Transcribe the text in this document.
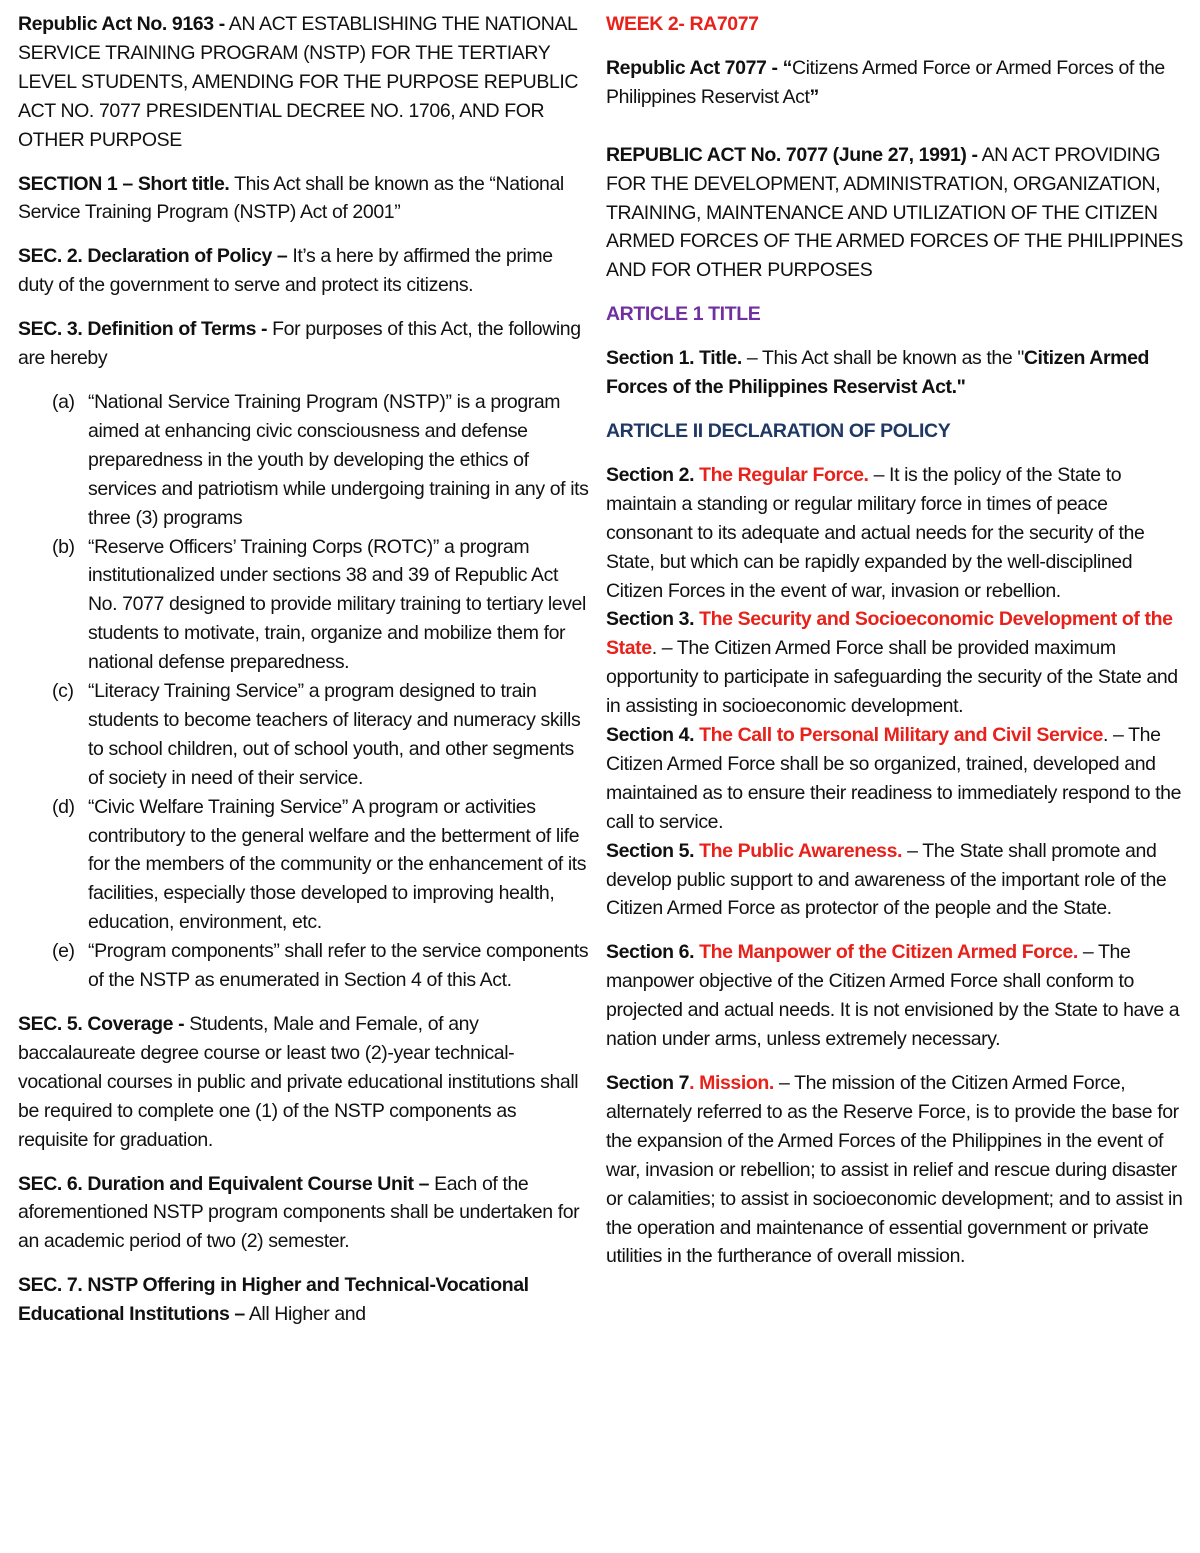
Republic Act No. 9163 - AN ACT ESTABLISHING THE NATIONAL SERVICE TRAINING PROGRAM (NSTP) FOR THE TERTIARY LEVEL STUDENTS, AMENDING FOR THE PURPOSE REPUBLIC ACT NO. 7077 PRESIDENTIAL DECREE NO. 1706, AND FOR OTHER PURPOSE

SECTION 1 – Short title. This Act shall be known as the “National Service Training Program (NSTP) Act of 2001”

SEC. 2. Declaration of Policy – It’s a here by affirmed the prime duty of the government to serve and protect its citizens.

SEC. 3. Definition of Terms - For purposes of this Act, the following are hereby

(a) “National Service Training Program (NSTP)” is a program aimed at enhancing civic consciousness and defense preparedness in the youth by developing the ethics of services and patriotism while undergoing training in any of its three (3) programs
(b) “Reserve Officers’ Training Corps (ROTC)” a program institutionalized under sections 38 and 39 of Republic Act No. 7077 designed to provide military training to tertiary level students to motivate, train, organize and mobilize them for national defense preparedness.
(c) “Literacy Training Service” a program designed to train students to become teachers of literacy and numeracy skills to school children, out of school youth, and other segments of society in need of their service.
(d) “Civic Welfare Training Service” A program or activities contributory to the general welfare and the betterment of life for the members of the community or the enhancement of its facilities, especially those developed to improving health, education, environment, etc.
(e) “Program components” shall refer to the service components of the NSTP as enumerated in Section 4 of this Act.

SEC. 5. Coverage - Students, Male and Female, of any baccalaureate degree course or least two (2)-year technical-vocational courses in public and private educational institutions shall be required to complete one (1) of the NSTP components as requisite for graduation.

SEC. 6. Duration and Equivalent Course Unit – Each of the aforementioned NSTP program components shall be undertaken for an academic period of two (2) semester.

SEC. 7. NSTP Offering in Higher and Technical-Vocational Educational Institutions – All Higher and

WEEK 2- RA7077

Republic Act 7077 - “Citizens Armed Force or Armed Forces of the Philippines Reservist Act”

REPUBLIC ACT No. 7077 (June 27, 1991) - AN ACT PROVIDING FOR THE DEVELOPMENT, ADMINISTRATION, ORGANIZATION, TRAINING, MAINTENANCE AND UTILIZATION OF THE CITIZEN ARMED FORCES OF THE ARMED FORCES OF THE PHILIPPINES AND FOR OTHER PURPOSES

ARTICLE 1 TITLE

Section 1. Title. – This Act shall be known as the "Citizen Armed Forces of the Philippines Reservist Act."

ARTICLE II DECLARATION OF POLICY

Section 2. The Regular Force. – It is the policy of the State to maintain a standing or regular military force in times of peace consonant to its adequate and actual needs for the security of the State, but which can be rapidly expanded by the well-disciplined Citizen Forces in the event of war, invasion or rebellion.

Section 3. The Security and Socioeconomic Development of the State. – The Citizen Armed Force shall be provided maximum opportunity to participate in safeguarding the security of the State and in assisting in socioeconomic development.

Section 4. The Call to Personal Military and Civil Service. – The Citizen Armed Force shall be so organized, trained, developed and maintained as to ensure their readiness to immediately respond to the call to service.

Section 5. The Public Awareness. – The State shall promote and develop public support to and awareness of the important role of the Citizen Armed Force as protector of the people and the State.

Section 6. The Manpower of the Citizen Armed Force. – The manpower objective of the Citizen Armed Force shall conform to projected and actual needs. It is not envisioned by the State to have a nation under arms, unless extremely necessary.

Section 7. Mission. – The mission of the Citizen Armed Force, alternately referred to as the Reserve Force, is to provide the base for the expansion of the Armed Forces of the Philippines in the event of war, invasion or rebellion; to assist in relief and rescue during disaster or calamities; to assist in socioeconomic development; and to assist in the operation and maintenance of essential government or private utilities in the furtherance of overall mission.
